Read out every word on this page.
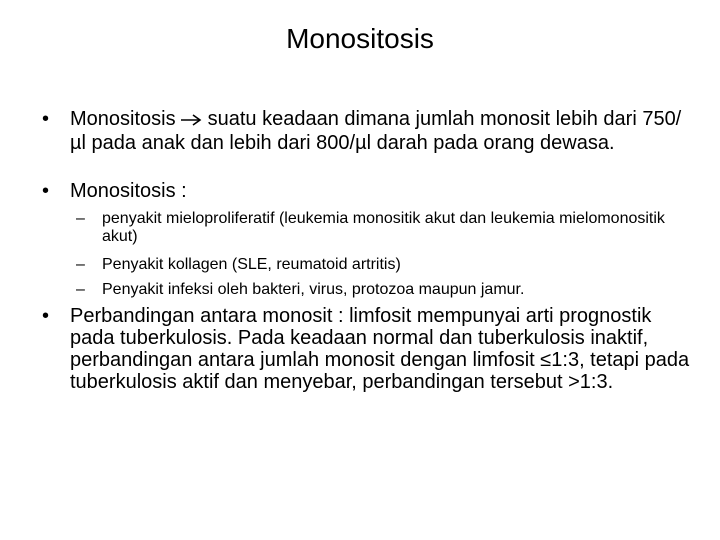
Monositosis
• Monositosis suatu keadaan dimana jumlah monosit lebih dari 750/µl pada anak dan lebih dari 800/µl darah pada orang dewasa.
• Monositosis :
– penyakit mieloproliferatif (leukemia monositik akut dan leukemia mielomonositik akut)
– Penyakit kollagen (SLE, reumatoid artritis)
– Penyakit infeksi oleh bakteri, virus, protozoa maupun jamur.
• Perbandingan antara monosit : limfosit mempunyai arti prognostik pada tuberkulosis. Pada keadaan normal dan tuberkulosis inaktif, perbandingan antara jumlah monosit dengan limfosit ≤1:3, tetapi pada tuberkulosis aktif dan menyebar, perbandingan tersebut >1:3.
